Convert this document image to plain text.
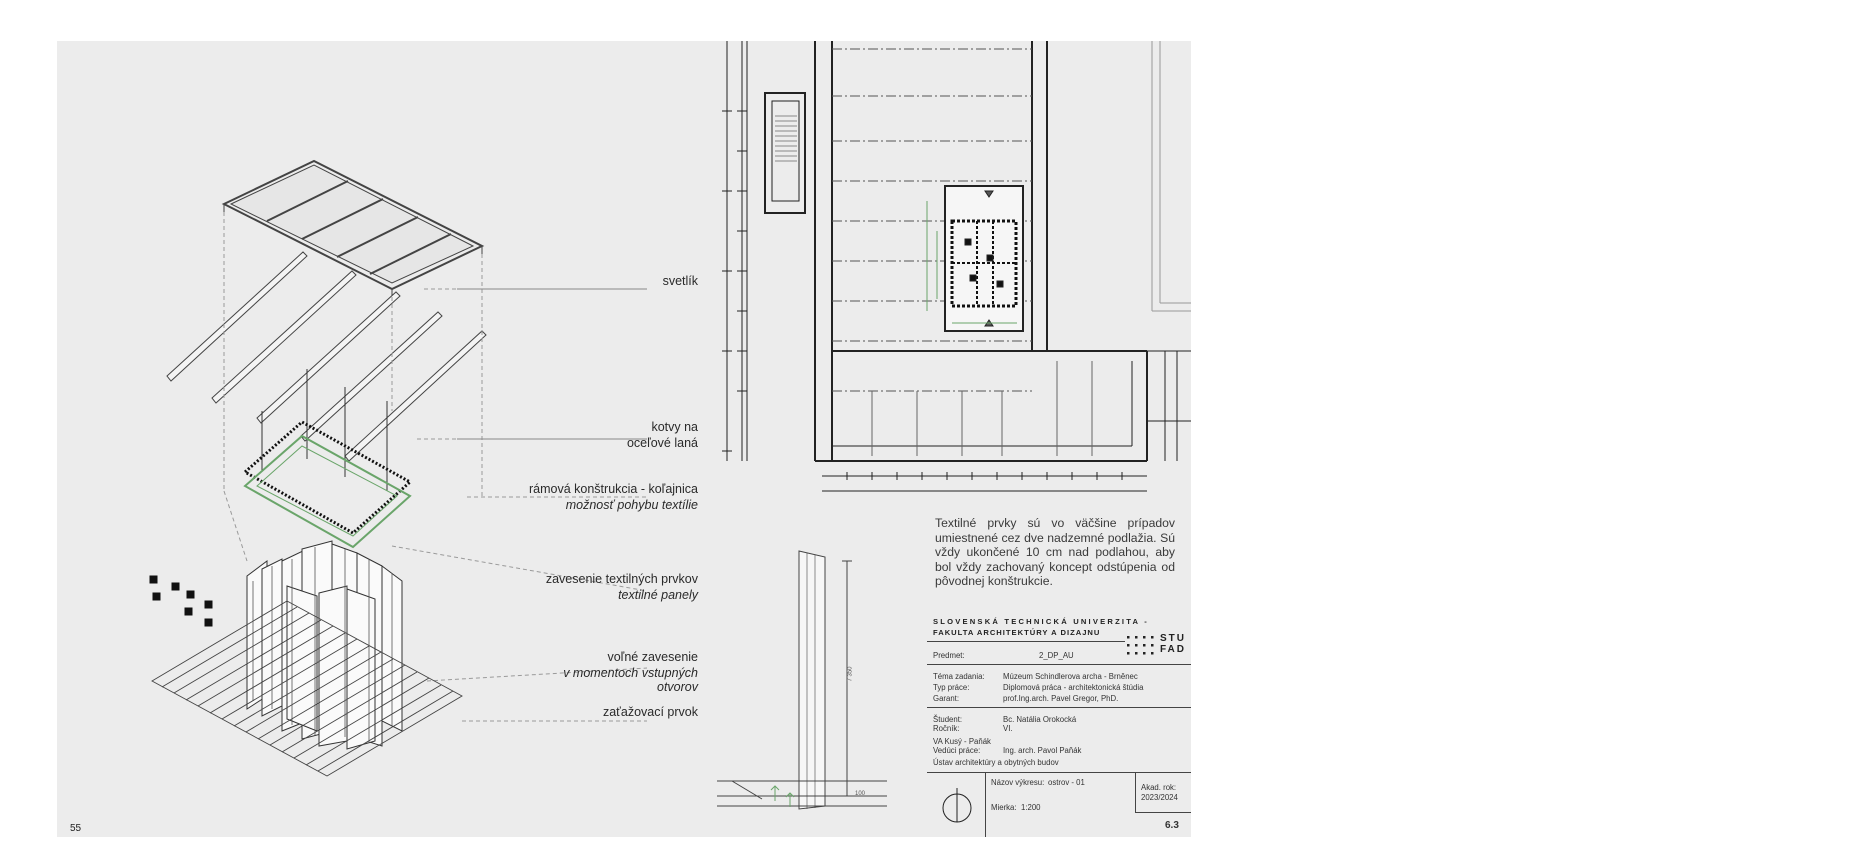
svetlík
kotvy na
oceľové laná
rámová konštrukcia - koľajnica
možnosť pohybu textílie
zavesenie textilných prvkov
textilné panely
voľné zavesenie
v momentoch vstupných
otvorov
zaťažovací prvok
7 350
100
Textilné prvky sú vo väčšine prípadov umiestnené cez dve nadzemné podlažia. Sú vždy ukončené 10 cm nad podlahou, aby bol vždy zachovaný koncept odstúpenia od pôvodnej konštrukcie.
SLOVENSKÁ TECHNICKÁ UNIVERZITA -
FAKULTA ARCHITEKTÚRY A DIZAJNU
STU
FAD
Predmet:	2_DP_AU
Téma zadania: Múzeum Schindlerova archa - Brněnec
Typ práce:	Diplomová práca - architektonická štúdia
Garant:	prof.Ing.arch. Pavel Gregor, PhD.
Študent:	Bc. Natália Orokocká
Ročník:	VI.
VA Kusý - Paňák
Vedúci práce:	Ing. arch. Pavol Paňák
Ústav architektúry a obytných budov
Názov výkresu: ostrov - 01
Mierka: 1:200
Akad. rok:
2023/2024
6.3
55
